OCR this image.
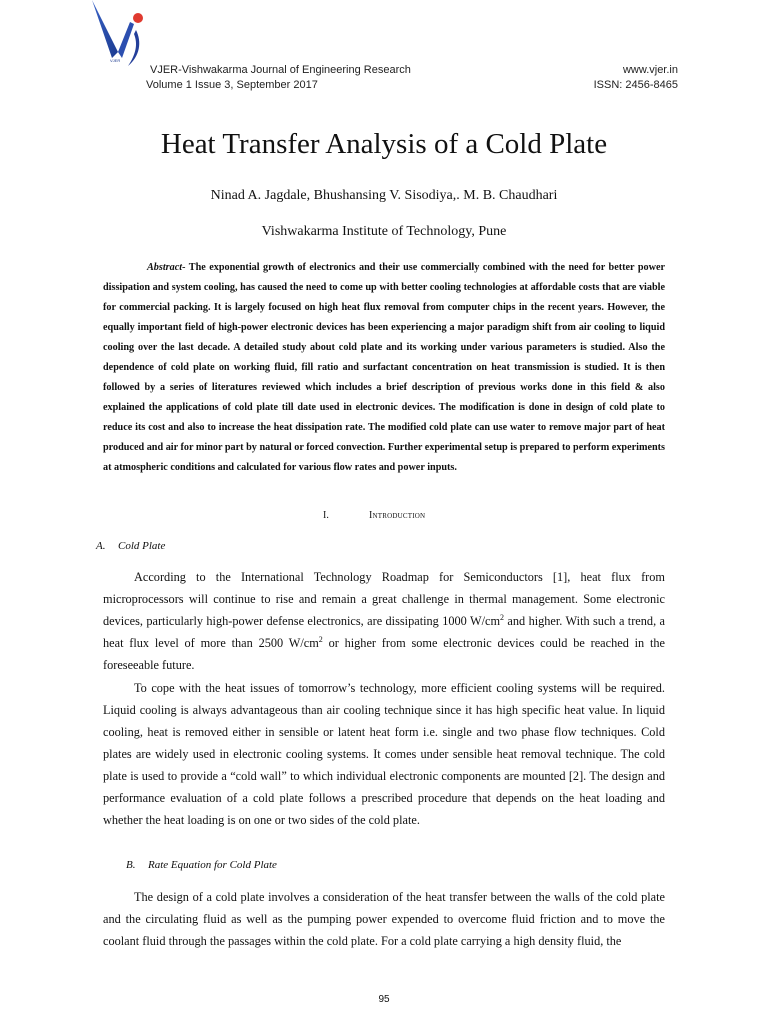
VJER
VJER-Vishwakarma Journal of Engineering Research
Volume 1 Issue 3, September 2017
www.vjer.in
ISSN: 2456-8465
Heat Transfer Analysis of a Cold Plate
Ninad A. Jagdale, Bhushansing V. Sisodiya,. M. B. Chaudhari
Vishwakarma Institute of Technology, Pune
Abstract- The exponential growth of electronics and their use commercially combined with the need for better power dissipation and system cooling, has caused the need to come up with better cooling technologies at affordable costs that are viable for commercial packing. It is largely focused on high heat flux removal from computer chips in the recent years. However, the equally important field of high-power electronic devices has been experiencing a major paradigm shift from air cooling to liquid cooling over the last decade. A detailed study about cold plate and its working under various parameters is studied. Also the dependence of cold plate on working fluid, fill ratio and surfactant concentration on heat transmission is studied. It is then followed by a series of literatures reviewed which includes a brief description of previous works done in this field & also explained the applications of cold plate till date used in electronic devices. The modification is done in design of cold plate to reduce its cost and also to increase the heat dissipation rate. The modified cold plate can use water to remove major part of heat produced and air for minor part by natural or forced convection. Further experimental setup is prepared to perform experiments at atmospheric conditions and calculated for various flow rates and power inputs.
I.	Introduction
A. Cold Plate

According to the International Technology Roadmap for Semiconductors [1], heat flux from microprocessors will continue to rise and remain a great challenge in thermal management. Some electronic devices, particularly high-power defense electronics, are dissipating 1000 $W/cm^2$ and higher. With such a trend, a heat flux level of more than 2500 $W/cm^2$ or higher from some electronic devices could be reached in the foreseeable future.

To cope with the heat issues of tomorrow’s technology, more efficient cooling systems will be required. Liquid cooling is always advantageous than air cooling technique since it has high specific heat value. In liquid cooling, heat is removed either in sensible or latent heat form i.e. single and two phase flow techniques. Cold plates are widely used in electronic cooling systems. It comes under sensible heat removal technique. The cold plate is used to provide a “cold wall” to which individual electronic components are mounted [2]. The design and performance evaluation of a cold plate follows a prescribed procedure that depends on the heat loading and whether the heat loading is on one or two sides of the cold plate.

B. Rate Equation for Cold Plate

The design of a cold plate involves a consideration of the heat transfer between the walls of the cold plate and the circulating fluid as well as the pumping power expended to overcome fluid friction and to move the coolant fluid through the passages within the cold plate. For a cold plate carrying a high density fluid, the

95
